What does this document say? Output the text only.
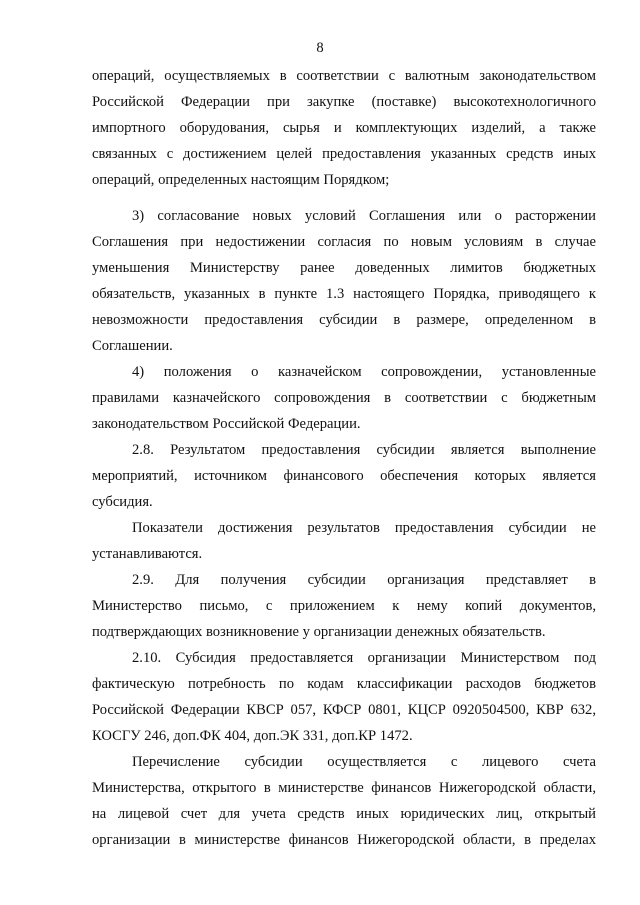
8
операций, осуществляемых в соответствии с валютным законодательством
Российской Федерации при закупке (поставке) высокотехнологичного
импортного оборудования, сырья и комплектующих изделий, а также
связанных с достижением целей предоставления указанных средств иных
операций, определенных настоящим Порядком;
3) согласование новых условий Соглашения или о расторжении
Соглашения при недостижении согласия по новым условиям в случае
уменьшения Министерству ранее доведенных лимитов бюджетных
обязательств, указанных в пункте 1.3 настоящего Порядка, приводящего к
невозможности предоставления субсидии в размере, определенном в
Соглашении.
4) положения о казначейском сопровождении, установленные
правилами казначейского сопровождения в соответствии с бюджетным
законодательством Российской Федерации.
2.8. Результатом предоставления субсидии является выполнение
мероприятий, источником финансового обеспечения которых является
субсидия.
Показатели достижения результатов предоставления субсидии не
устанавливаются.
2.9. Для получения субсидии организация представляет в
Министерство письмо, с приложением к нему копий документов,
подтверждающих возникновение у организации денежных обязательств.
2.10. Субсидия предоставляется организации Министерством под
фактическую потребность по кодам классификации расходов бюджетов
Российской Федерации КВСР 057, КФСР 0801, КЦСР 0920504500, КВР 632,
КОСГУ 246, доп.ФК 404, доп.ЭК 331, доп.КР 1472.
Перечисление субсидии осуществляется с лицевого счета
Министерства, открытого в министерстве финансов Нижегородской области,
на лицевой счет для учета средств иных юридических лиц, открытый
организации в министерстве финансов Нижегородской области, в пределах
